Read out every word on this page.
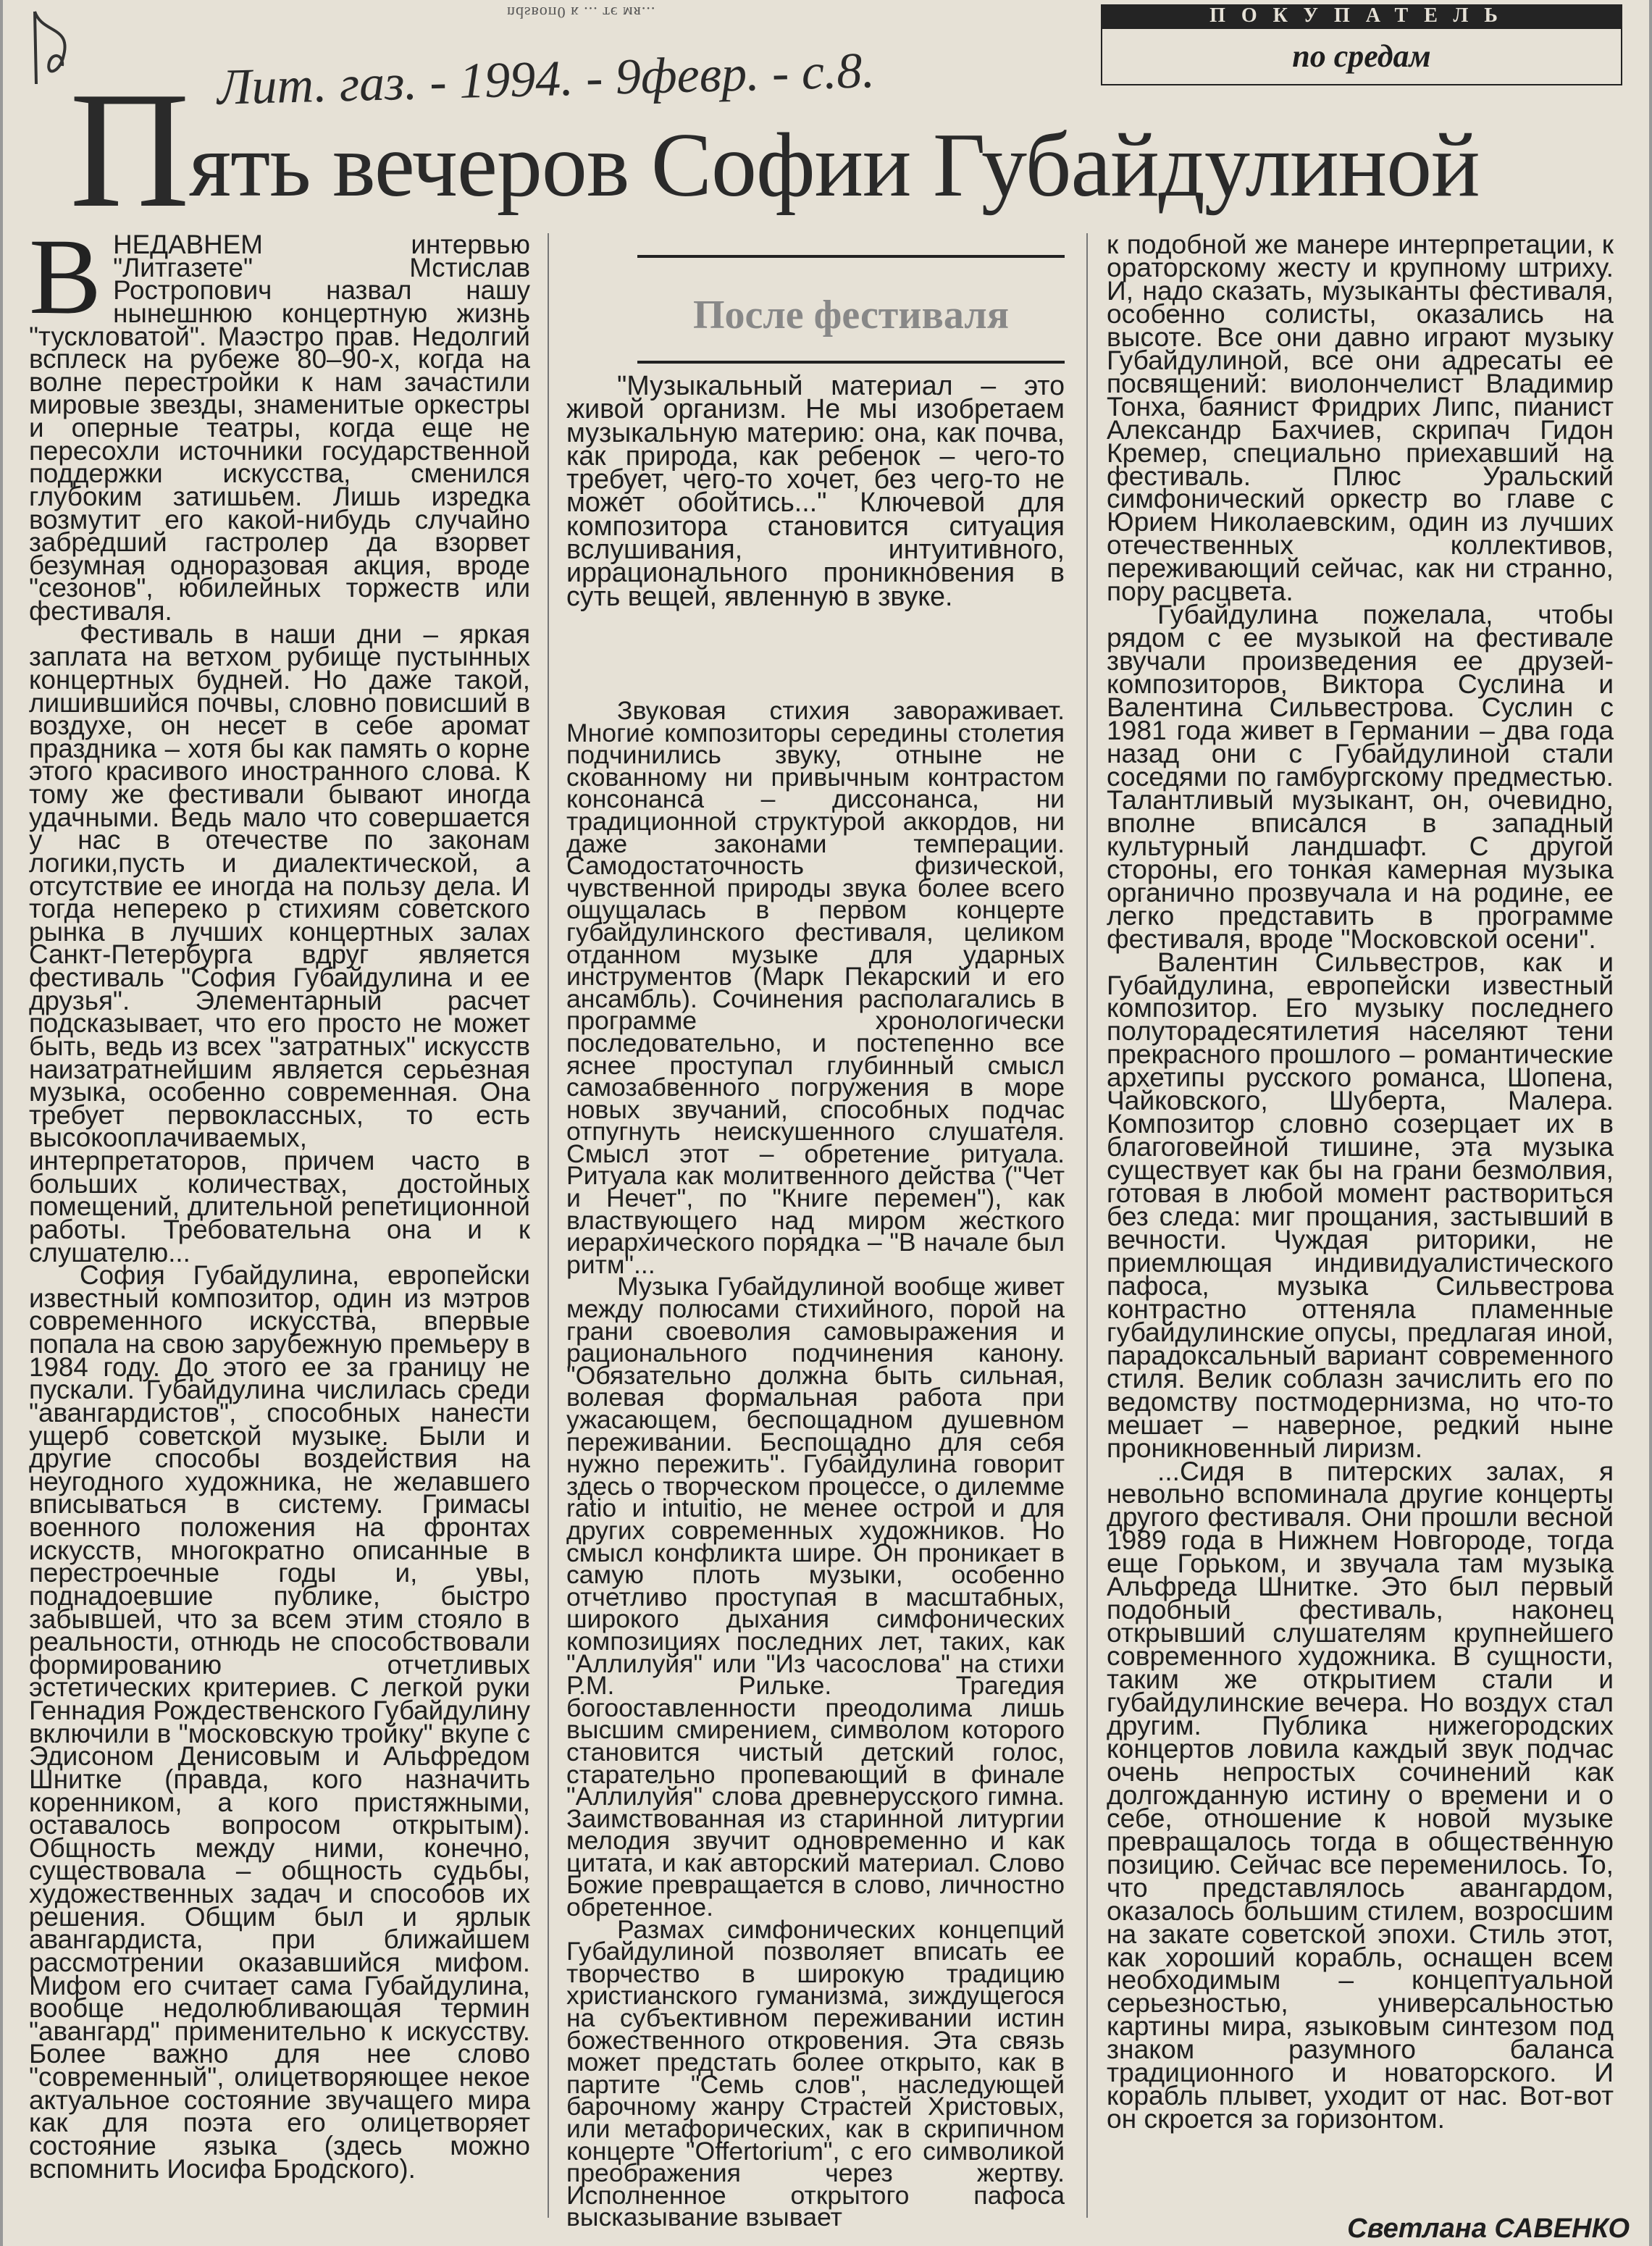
ndsвоп0 к ... тє мя...	ПОКУПАТЕЛЬ
по средам
Лит. газ. - 1994. - 9февр. - с.8.
Пять вечеров Софии Губайдулиной

ВНЕДАВНЕМ интервью "Литгазете" Мстислав Ростропович назвал нашу нынешнюю концертную жизнь "тускловатой". Маэстро прав. Недолгий всплеск на рубеже 80–90-х, когда на волне перестройки к нам зачастили мировые звезды, знаменитые оркестры и оперные театры, когда еще не пересохли источники государственной поддержки искусства, сменился глубоким затишьем. Лишь изредка возмутит его какой-нибудь случайно забредший гастролер да взорвет безумная одноразовая акция, вроде "сезонов", юбилейных торжеств или фестиваля.

Фестиваль в наши дни – яркая заплата на ветхом рубище пустынных концертных будней. Но даже такой, лишившийся почвы, словно повисший в воздухе, он несет в себе аромат праздника – хотя бы как память о корне этого красивого иностранного слова. К тому же фестивали бывают иногда удачными. Ведь мало что совершается у нас в отечестве по законам логики,пусть и диалектической, а отсутствие ее иногда на пользу дела. И тогда непереко р стихиям советского рынка в лучших концертных залах Санкт-Петербурга вдруг является фестиваль "София Губайдулина и ее друзья". Элементарный расчет подсказывает, что его просто не может быть, ведь из всех "затратных" искусств наизатратнейшим является серьезная музыка, особенно современная. Она требует первоклассных, то есть высокооплачиваемых, интерпретаторов, причем часто в больших количествах, достойных помещений, длительной репетиционной работы. Требовательна она и к слушателю...

София Губайдулина, европейски известный композитор, один из мэтров современного искусства, впервые попала на свою зарубежную премьеру в 1984 году. До этого ее за границу не пускали. Губайдулина числилась среди "авангардистов", способных нанести ущерб советской музыке. Были и другие способы воздействия на неугодного художника, не желавшего вписываться в систему. Гримасы военного положения на фронтах искусств, многократно описанные в перестроечные годы и, увы, поднадоевшие публике, быстро забывшей, что за всем этим стояло в реальности, отнюдь не способствовали формированию отчетливых эстетических критериев. С легкой руки Геннадия Рождественского Губайдулину включили в "московскую тройку" вкупе с Эдисоном Денисовым и Альфредом Шнитке (правда, кого назначить коренником, а кого пристяжными, оставалось вопросом открытым). Общность между ними, конечно, существовала – общность судьбы, художественных задач и способов их решения. Общим был и ярлык авангардиста, при ближайшем рассмотрении оказавшийся мифом. Мифом его считает сама Губайдулина, вообще недолюбливающая термин "авангард" применительно к искусству. Более важно для нее слово "современный", олицетворяющее некое актуальное состояние звучащего мира как для поэта его олицетворяет состояние языка (здесь можно вспомнить Иосифа Бродского).

После фестиваля

"Музыкальный материал – это живой организм. Не мы изобретаем музыкальную материю: она, как почва, как природа, как ребенок – чего-то требует, чего-то хочет, без чего-то не может обойтись..." Ключевой для композитора становится ситуация вслушивания, интуитивного, иррационального проникновения в суть вещей, явленную в звуке.

Звуковая стихия завораживает. Многие композиторы середины столетия подчинились звуку, отныне не скованному ни привычным контрастом консонанса – диссонанса, ни традиционной структурой аккордов, ни даже законами темперации. Самодостаточность физической, чувственной природы звука более всего ощущалась в первом концерте губайдулинского фестиваля, целиком отданном музыке для ударных инструментов (Марк Пекарский и его ансамбль). Сочинения располагались в программе хронологически последовательно, и постепенно все яснее проступал глубинный смысл самозабвенного погружения в море новых звучаний, способных подчас отпугнуть неискушенного слушателя. Смысл этот – обретение ритуала. Ритуала как молитвенного действа ("Чет и Нечет", по "Книге перемен"), как властвующего над миром жесткого иерархического порядка – "В начале был ритм"...

Музыка Губайдулиной вообще живет между полюсами стихийного, порой на грани своеволия самовыражения и рационального подчинения канону. "Обязательно должна быть сильная, волевая формальная работа при ужасающем, беспощадном душевном переживании. Беспощадно для себя нужно пережить". Губайдулина говорит здесь о творческом процессе, о дилемме ratio и intuitio, не менее острой и для других современных художников. Но смысл конфликта шире. Он проникает в самую плоть музыки, особенно отчетливо проступая в масштабных, широкого дыхания симфонических композициях последних лет, таких, как "Аллилуйя" или "Из часослова" на стихи Р.М. Рильке. Трагедия богооставленности преодолима лишь высшим смирением, символом которого становится чистый детский голос, старательно пропевающий в финале "Аллилуйя" слова древнерусского гимна. Заимствованная из старинной литургии мелодия звучит одновременно и как цитата, и как авторский материал. Слово Божие превращается в слово, личностно обретенное.

Размах симфонических концепций Губайдулиной позволяет вписать ее творчество в широкую традицию христианского гуманизма, зиждущегося на субъективном переживании истин божественного откровения. Эта связь может предстать более открыто, как в партите "Семь слов", наследующей барочному жанру Страстей Христовых, или метафорических, как в скрипичном концерте "Offertorium", с его символикой преображения через жертву. Исполненное открытого пафоса высказывание взывает

к подобной же манере интерпретации, к ораторскому жесту и крупному штриху. И, надо сказать, музыканты фестиваля, особенно солисты, оказались на высоте. Все они давно играют музыку Губайдулиной, все они адресаты ее посвящений: виолончелист Владимир Тонха, баянист Фридрих Липс, пианист Александр Бахчиев, скрипач Гидон Кремер, специально приехавший на фестиваль. Плюс Уральский симфонический оркестр во главе с Юрием Николаевским, один из лучших отечественных коллективов, переживающий сейчас, как ни странно, пору расцвета.

Губайдулина пожелала, чтобы рядом с ее музыкой на фестивале звучали произведения ее друзей-композиторов, Виктора Суслина и Валентина Сильвестрова. Суслин с 1981 года живет в Германии – два года назад они с Губайдулиной стали соседями по гамбургскому предместью. Талантливый музыкант, он, очевидно, вполне вписался в западный культурный ландшафт. С другой стороны, его тонкая камерная музыка органично прозвучала и на родине, ее легко представить в программе фестиваля, вроде "Московской осени".

Валентин Сильвестров, как и Губайдулина, европейски известный композитор. Его музыку последнего полуторадесятилетия населяют тени прекрасного прошлого – романтические архетипы русского романса, Шопена, Чайковского, Шуберта, Малера. Композитор словно созерцает их в благоговейной тишине, эта музыка существует как бы на грани безмолвия, готовая в любой момент раствориться без следа: миг прощания, застывший в вечности. Чуждая риторики, не приемлющая индивидуалистического пафоса, музыка Сильвестрова контрастно оттеняла пламенные губайдулинские опусы, предлагая иной, парадоксальный вариант современного стиля. Велик соблазн зачислить его по ведомству постмодернизма, но что-то мешает – наверное, редкий ныне проникновенный лиризм.

...Сидя в питерских залах, я невольно вспоминала другие концерты другого фестиваля. Они прошли весной 1989 года в Нижнем Новгороде, тогда еще Горьком, и звучала там музыка Альфреда Шнитке. Это был первый подобный фестиваль, наконец открывший слушателям крупнейшего современного художника. В сущности, таким же открытием стали и губайдулинские вечера. Но воздух стал другим. Публика нижегородских концертов ловила каждый звук подчас очень непростых сочинений как долгожданную истину о времени и о себе, отношение к новой музыке превращалось тогда в общественную позицию. Сейчас все переменилось. То, что представлялось авангардом, оказалось большим стилем, возросшим на закате советской эпохи. Стиль этот, как хороший корабль, оснащен всем необходимым – концептуальной серьезностью, универсальностью картины мира, языковым синтезом под знаком разумного баланса традиционного и новаторского. И корабль плывет, уходит от нас. Вот-вот он скроется за горизонтом.

Светлана САВЕНКО
